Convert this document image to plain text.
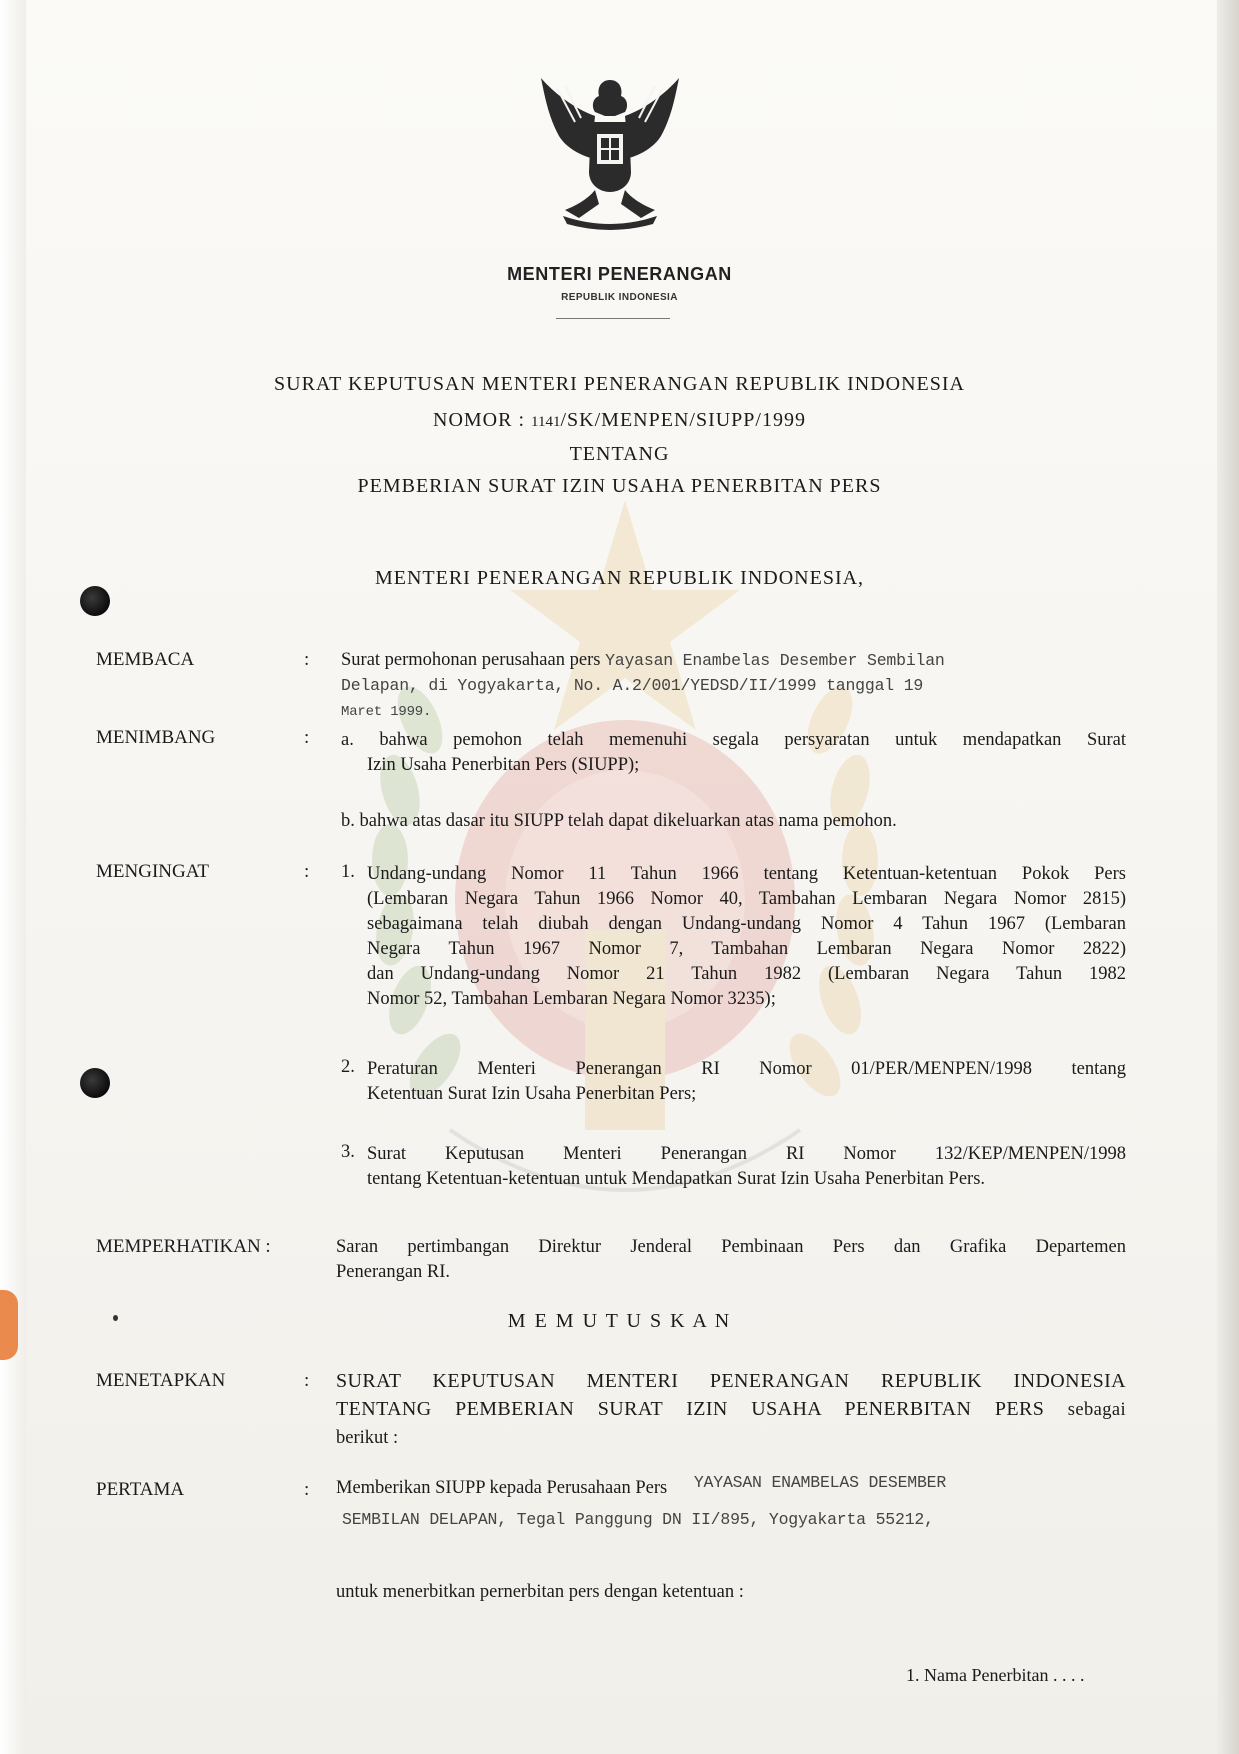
MENTERI PENERANGAN
REPUBLIK INDONESIA
SURAT KEPUTUSAN MENTERI PENERANGAN REPUBLIK INDONESIA
NOMOR : 1141/SK/MENPEN/SIUPP/1999
TENTANG
PEMBERIAN SURAT IZIN USAHA PENERBITAN PERS
MENTERI PENERANGAN REPUBLIK INDONESIA,
MEMBACA	: Surat permohonan perusahaan pers Yayasan Enambelas Desember Sembilan
Delapan, di Yogyakarta, No. A.2/001/YEDSD/II/1999 tanggal 19
Maret 1999.
MENIMBANG	: a. bahwa pemohon telah memenuhi segala persyaratan untuk mendapatkan Surat
Izin Usaha Penerbitan Pers (SIUPP);
b. bahwa atas dasar itu SIUPP telah dapat dikeluarkan atas nama pemohon.
MENGINGAT	: 1. Undang-undang Nomor 11 Tahun 1966 tentang Ketentuan-ketentuan Pokok Pers
(Lembaran Negara Tahun 1966 Nomor 40, Tambahan Lembaran Negara Nomor 2815)
sebagaimana telah diubah dengan Undang-undang Nomor 4 Tahun 1967 (Lembaran
Negara Tahun 1967 Nomor 7, Tambahan Lembaran Negara Nomor 2822)
dan Undang-undang Nomor 21 Tahun 1982 (Lembaran Negara Tahun 1982
Nomor 52, Tambahan Lembaran Negara Nomor 3235);
2. Peraturan Menteri Penerangan RI Nomor 01/PER/MENPEN/1998 tentang
Ketentuan Surat Izin Usaha Penerbitan Pers;
3. Surat Keputusan Menteri Penerangan RI Nomor 132/KEP/MENPEN/1998
tentang Ketentuan-ketentuan untuk Mendapatkan Surat Izin Usaha Penerbitan Pers.
MEMPERHATIKAN :	Saran pertimbangan Direktur Jenderal Pembinaan Pers dan Grafika Departemen
Penerangan RI.
M E M U T U S K A N
MENETAPKAN	: SURAT KEPUTUSAN MENTERI PENERANGAN REPUBLIK INDONESIA
TENTANG PEMBERIAN SURAT IZIN USAHA PENERBITAN PERS sebagai
berikut :
PERTAMA	: Memberikan SIUPP kepada Perusahaan Pers YAYASAN ENAMBELAS DESEMBER
SEMBILAN DELAPAN, Tegal Panggung DN II/895, Yogyakarta 55212,
untuk menerbitkan pernerbitan pers dengan ketentuan :
1. Nama Penerbitan . . . .
